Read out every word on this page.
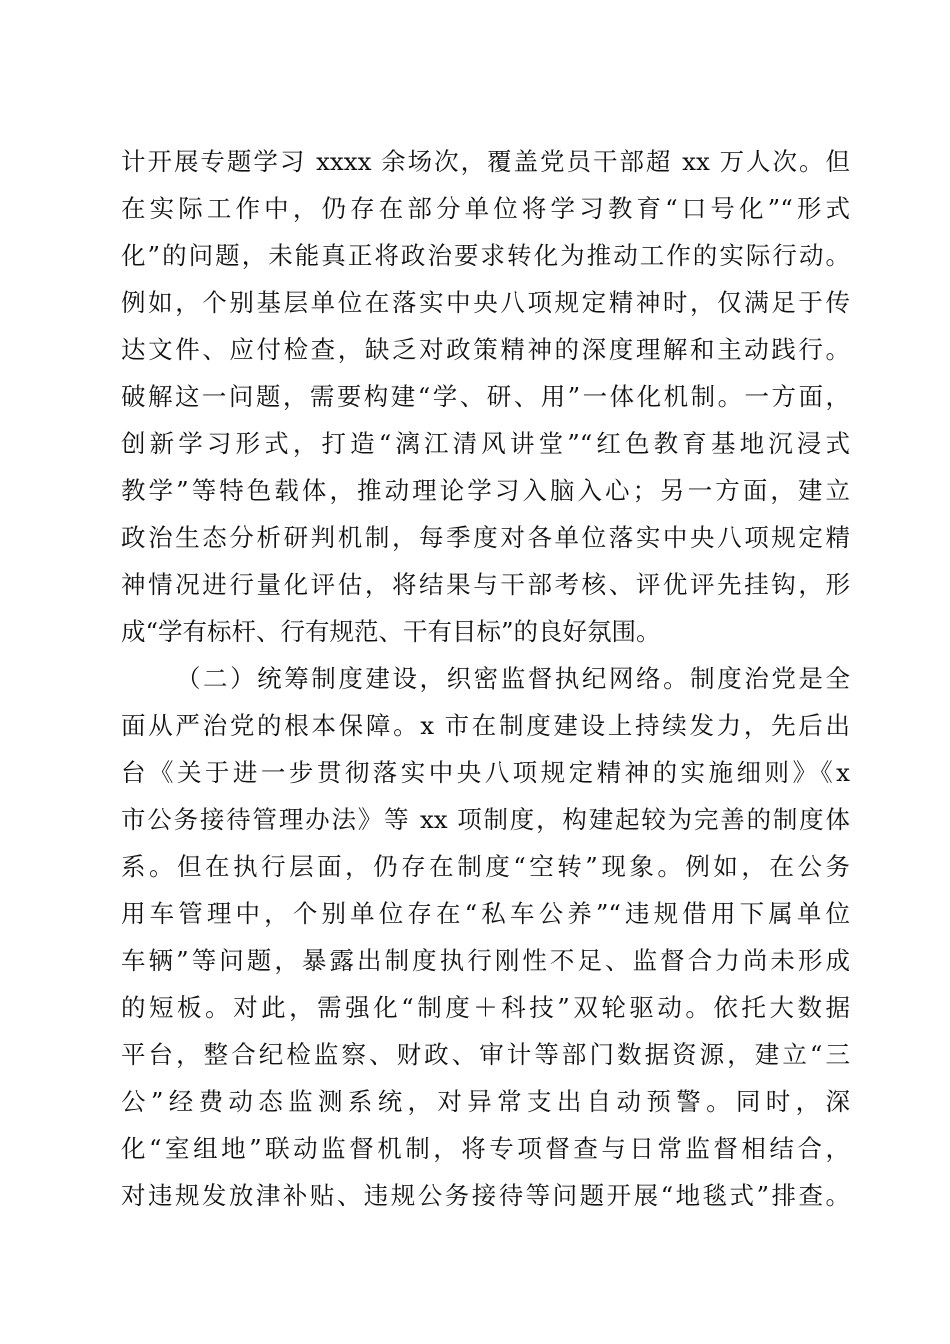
计开展专题学习 xxxx 余场次，覆盖党员干部超 xx 万人次。但
在实际工作中，仍存在部分单位将学习教育“口号化”“形式
化”的问题，未能真正将政治要求转化为推动工作的实际行动。
例如，个别基层单位在落实中央八项规定精神时，仅满足于传
达文件、应付检查，缺乏对政策精神的深度理解和主动践行。
破解这一问题，需要构建“学、研、用”一体化机制。一方面，
创新学习形式，打造“漓江清风讲堂”“红色教育基地沉浸式
教学”等特色载体，推动理论学习入脑入心；另一方面，建立
政治生态分析研判机制，每季度对各单位落实中央八项规定精
神情况进行量化评估，将结果与干部考核、评优评先挂钩，形
成“学有标杆、行有规范、干有目标”的良好氛围。
（二）统筹制度建设，织密监督执纪网络。制度治党是全
面从严治党的根本保障。x 市在制度建设上持续发力，先后出
台《关于进一步贯彻落实中央八项规定精神的实施细则》《x
市公务接待管理办法》等 xx 项制度，构建起较为完善的制度体
系。但在执行层面，仍存在制度“空转”现象。例如，在公务
用车管理中，个别单位存在“私车公养”“违规借用下属单位
车辆”等问题，暴露出制度执行刚性不足、监督合力尚未形成
的短板。对此，需强化“制度＋科技”双轮驱动。依托大数据
平台，整合纪检监察、财政、审计等部门数据资源，建立“三
公”经费动态监测系统，对异常支出自动预警。同时，深
化“室组地”联动监督机制，将专项督查与日常监督相结合，
对违规发放津补贴、违规公务接待等问题开展“地毯式”排查。
